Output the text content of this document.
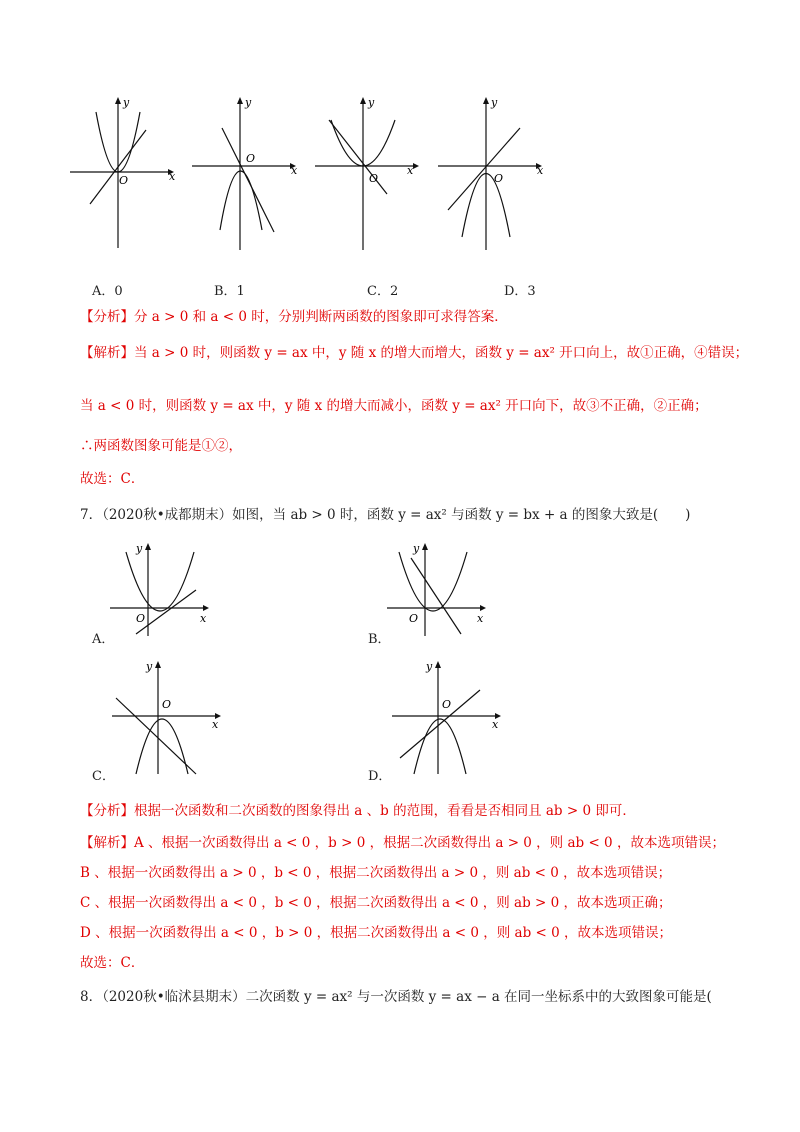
y
x
O
y
x
O
y
x
O
y
x
O
A．0	B．1	C．2	D．3
【分析】分 a > 0 和 a < 0 时，分别判断两函数的图象即可求得答案．
【解析】当 a > 0 时，则函数 y = ax 中，y 随 x 的增大而增大，函数 y = ax² 开口向上，故①正确，④错误；
当 a < 0 时，则函数 y = ax 中，y 随 x 的增大而减小，函数 y = ax² 开口向下，故③不正确，②正确；
∴两函数图象可能是①②，
故选：C．
7．（2020秋•成都期末）如图，当 ab > 0 时，函数 y = ax² 与函数 y = bx + a 的图象大致是(　　)
y
x
O
A．
y
x
O
B．
y
x
O
C．
y
x
O
D．
【分析】根据一次函数和二次函数的图象得出 a 、b 的范围，看看是否相同且 ab > 0 即可．
【解析】A 、根据一次函数得出 a < 0 ，b > 0 ，根据二次函数得出 a > 0 ，则 ab < 0 ，故本选项错误；
B 、根据一次函数得出 a > 0 ，b < 0 ，根据二次函数得出 a > 0 ，则 ab < 0 ，故本选项错误；
C 、根据一次函数得出 a < 0 ，b < 0 ，根据二次函数得出 a < 0 ，则 ab > 0 ，故本选项正确；
D 、根据一次函数得出 a < 0 ，b > 0 ，根据二次函数得出 a < 0 ，则 ab < 0 ，故本选项错误；
故选：C．
8．（2020秋•临沭县期末）二次函数 y = ax² 与一次函数 y = ax − a 在同一坐标系中的大致图象可能是(
